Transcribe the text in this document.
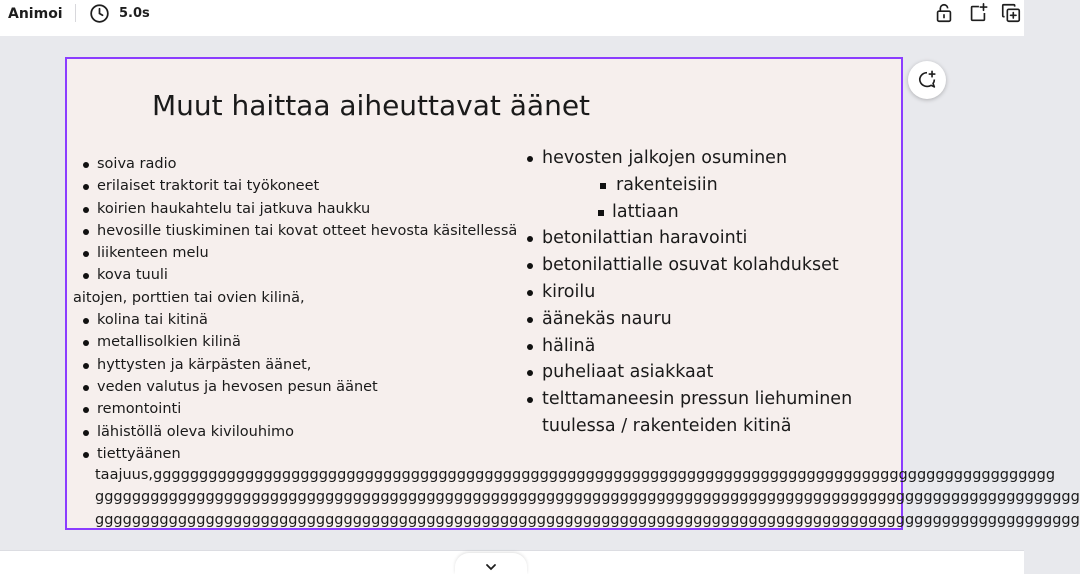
Animoi	5.0s
Muut haittaa aiheuttavat äänet
soiva radio
erilaiset traktorit tai työkoneet
koirien haukahtelu tai jatkuva haukku
hevosille tiuskiminen tai kovat otteet hevosta käsitellessä
liikenteen melu
kova tuuli
aitojen, porttien tai ovien kilinä,
kolina tai kitinä
metallisolkien kilinä
hyttysten ja kärpästen äänet,
veden valutus ja hevosen pesun äänet
remontointi
lähistöllä oleva kivilouhimo
tiettyäänen
taajuus,gggggggggggggggggggggggggggggggggggggggggggggggggggggggggggggggggggggggggggggggggggggggggggggggggg
ggggggggggggggggggggggggggggggggggggggggggggggggggggggggggggggggggggggggggggggggggggggggggggggggggggggggggg
ggggggggggggggggggggggggggggggggggggggggggggggggggggggggggggggggggggggggggggggggggggggggggggggggggggggggggg
hevosten jalkojen osuminen
rakenteisiin
lattiaan
betonilattian haravointi
betonilattialle osuvat kolahdukset
kiroilu
äänekäs nauru
hälinä
puheliaat asiakkaat
telttamaneesin pressun liehuminen
tuulessa / rakenteiden kitinä
